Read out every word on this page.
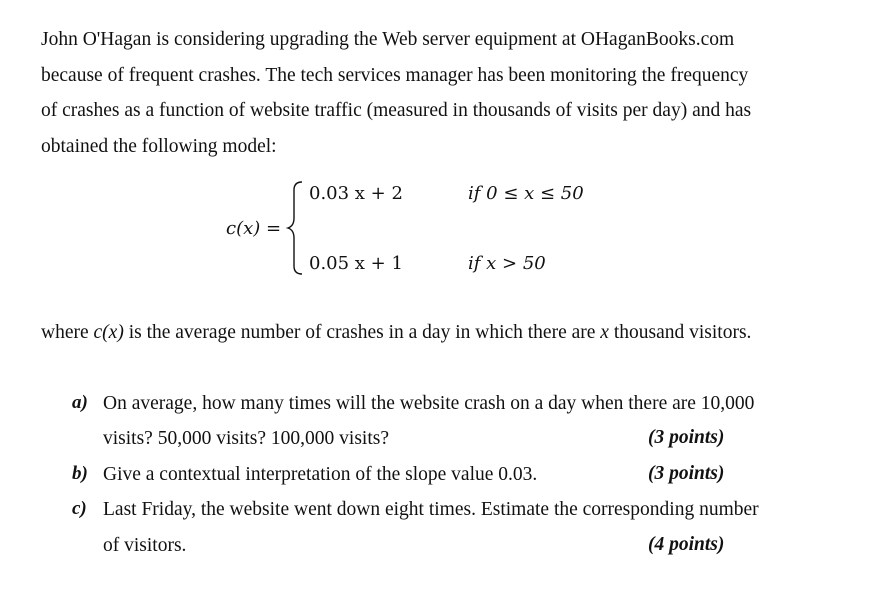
John O'Hagan is considering upgrading the Web server equipment at OHaganBooks.com
because of frequent crashes. The tech services manager has been monitoring the frequency
of crashes as a function of website traffic (measured in thousands of visits per day) and has
obtained the following model:
c(x) =
0.03 x + 2	if 0 ≤ x ≤ 50
0.05 x + 1	if x > 50
where c(x) is the average number of crashes in a day in which there are x thousand visitors.
a) On average, how many times will the website crash on a day when there are 10,000
visits? 50,000 visits? 100,000 visits?	(3 points)
b) Give a contextual interpretation of the slope value 0.03.	(3 points)
c) Last Friday, the website went down eight times. Estimate the corresponding number
of visitors.	(4 points)
